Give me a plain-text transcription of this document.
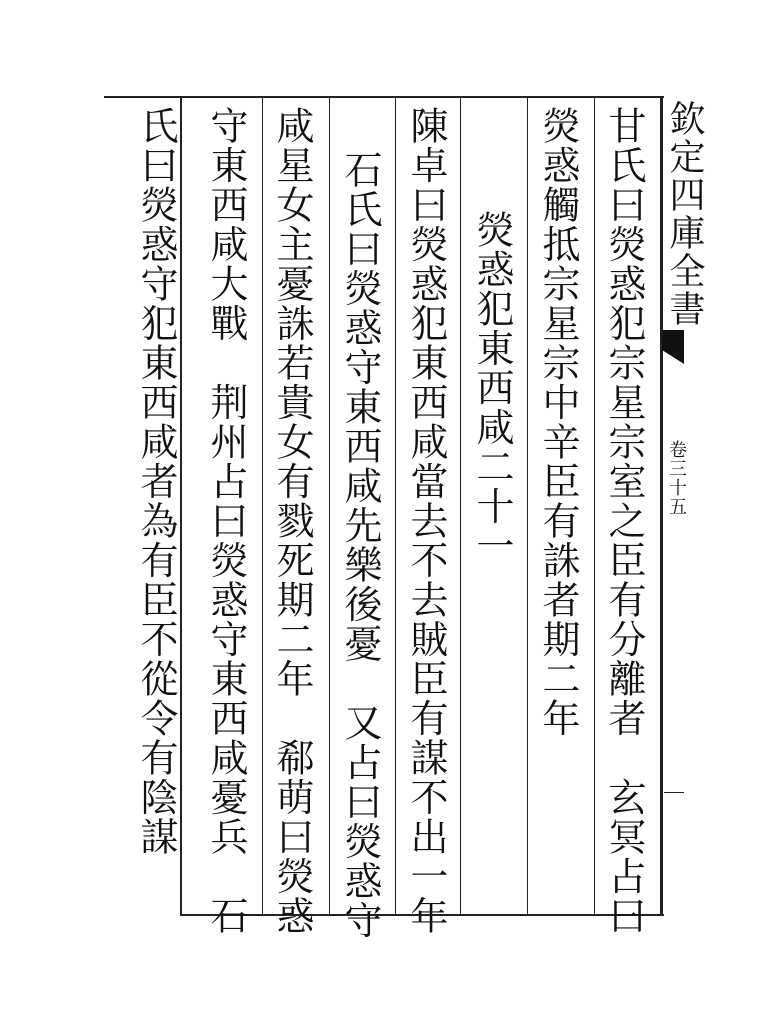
欽定四庫全書
卷三十五
甘氏曰熒惑犯宗星宗室之臣有分離者　玄冥占曰
熒惑觸抵宗星宗中辛臣有誅者期二年
熒惑犯東西咸二十一
陳卓曰熒惑犯東西咸當去不去賊臣有謀不出一年
石氏曰熒惑守東西咸先樂後憂　又占曰熒惑守
咸星女主憂誅若貴女有戮死期二年　郗萌曰熒惑
守東西咸大戰　荆州占曰熒惑守東西咸憂兵　石
氏曰熒惑守犯東西咸者為有臣不從令有陰謀
